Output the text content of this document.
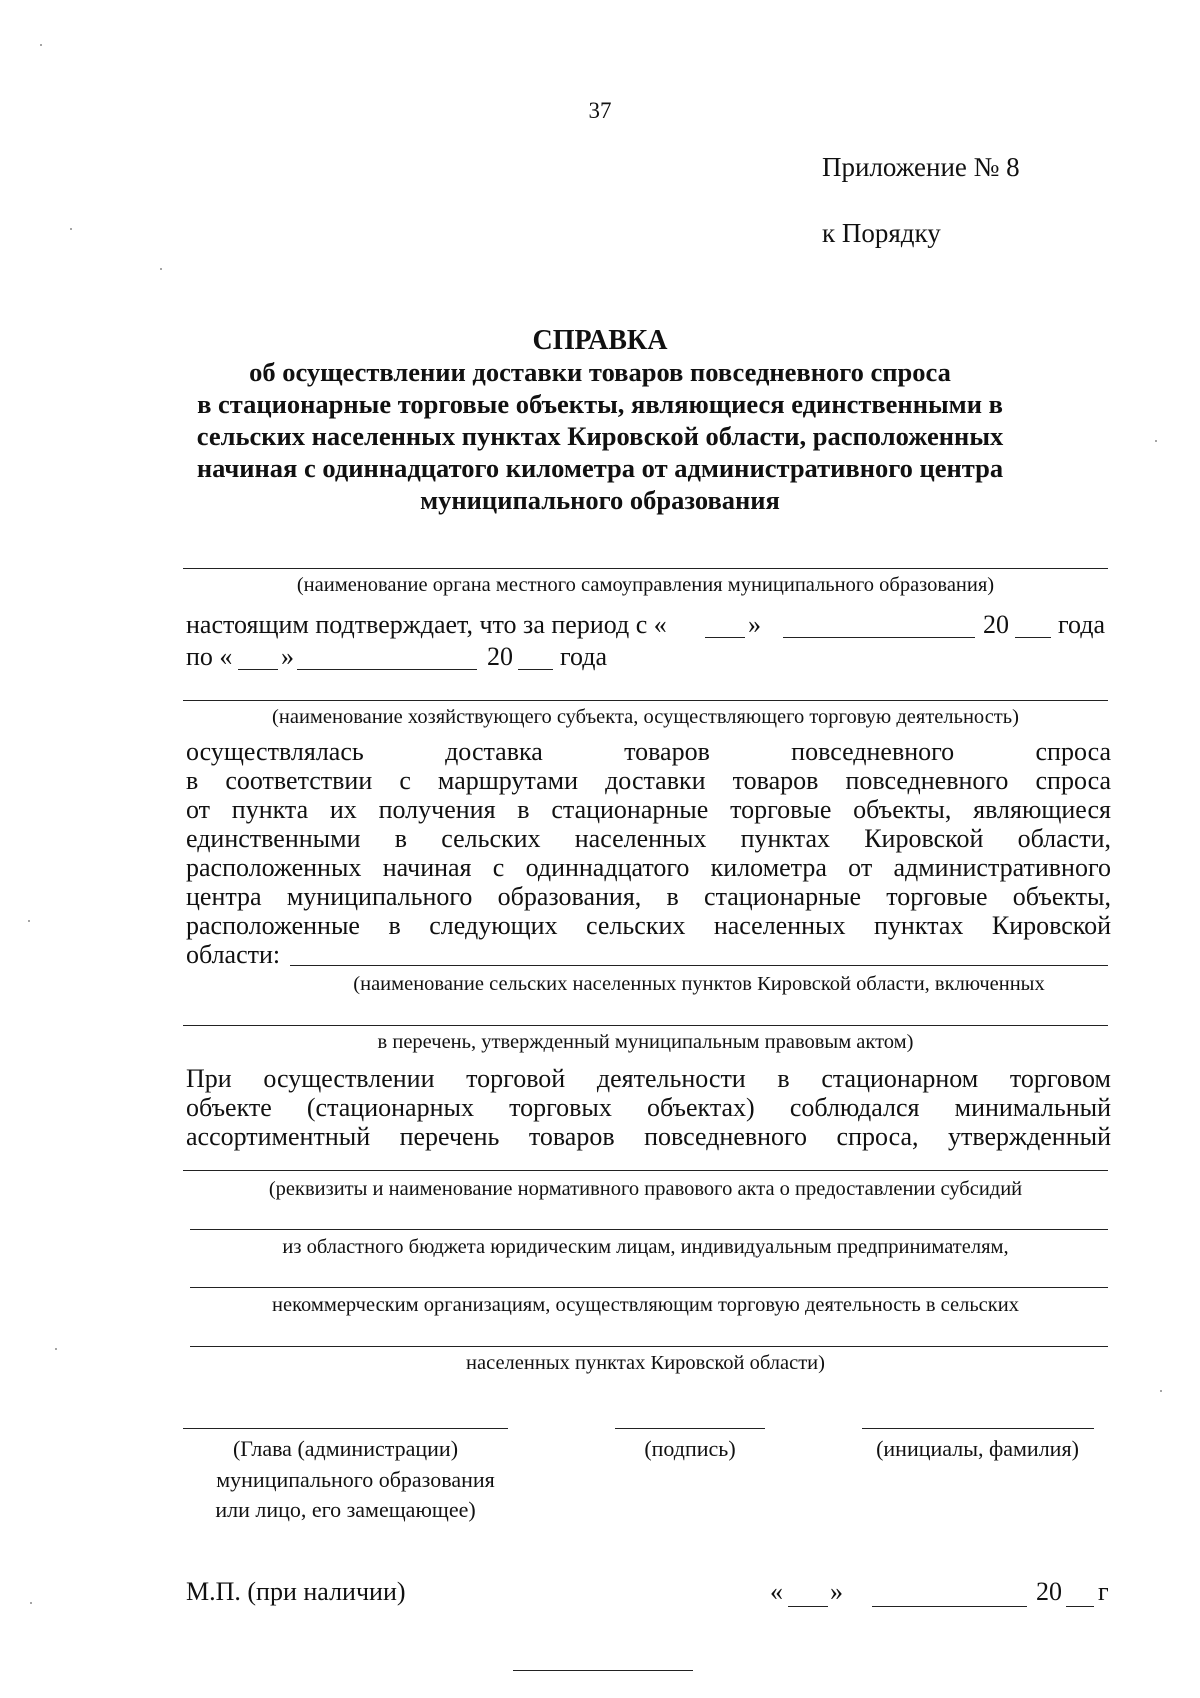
37
Приложение № 8
к Порядку
СПРАВКА
об осуществлении доставки товаров повседневного спроса
в стационарные торговые объекты, являющиеся единственными в
сельских населенных пунктах Кировской области, расположенных
начиная с одиннадцатого километра от административного центра
муниципального образования
(наименование органа местного самоуправления муниципального образования)
настоящим подтверждает, что за период с «	»	20 года
по « »	20 года
(наименование хозяйствующего субъекта, осуществляющего торговую деятельность)
осуществлялась доставка товаров повседневного спроса
в соответствии с маршрутами доставки товаров повседневного спроса
от пункта их получения в стационарные торговые объекты, являющиеся
единственными в сельских населенных пунктах Кировской области,
расположенных начиная с одиннадцатого километра от административного
центра муниципального образования, в стационарные торговые объекты,
расположенные в следующих сельских населенных пунктах Кировской
области:
(наименование сельских населенных пунктов Кировской области, включенных
в перечень, утвержденный муниципальным правовым актом)
При осуществлении торговой деятельности в стационарном торговом
объекте (стационарных торговых объектах) соблюдался минимальный
ассортиментный перечень товаров повседневного спроса, утвержденный
(реквизиты и наименование нормативного правового акта о предоставлении субсидий
из областного бюджета юридическим лицам, индивидуальным предпринимателям,
некоммерческим организациям, осуществляющим торговую деятельность в сельских
населенных пунктах Кировской области)
(Глава (администрации)
муниципального образования
или лицо, его замещающее)
(подпись)	(инициалы, фамилия)
М.П. (при наличии)	« »	20 г
